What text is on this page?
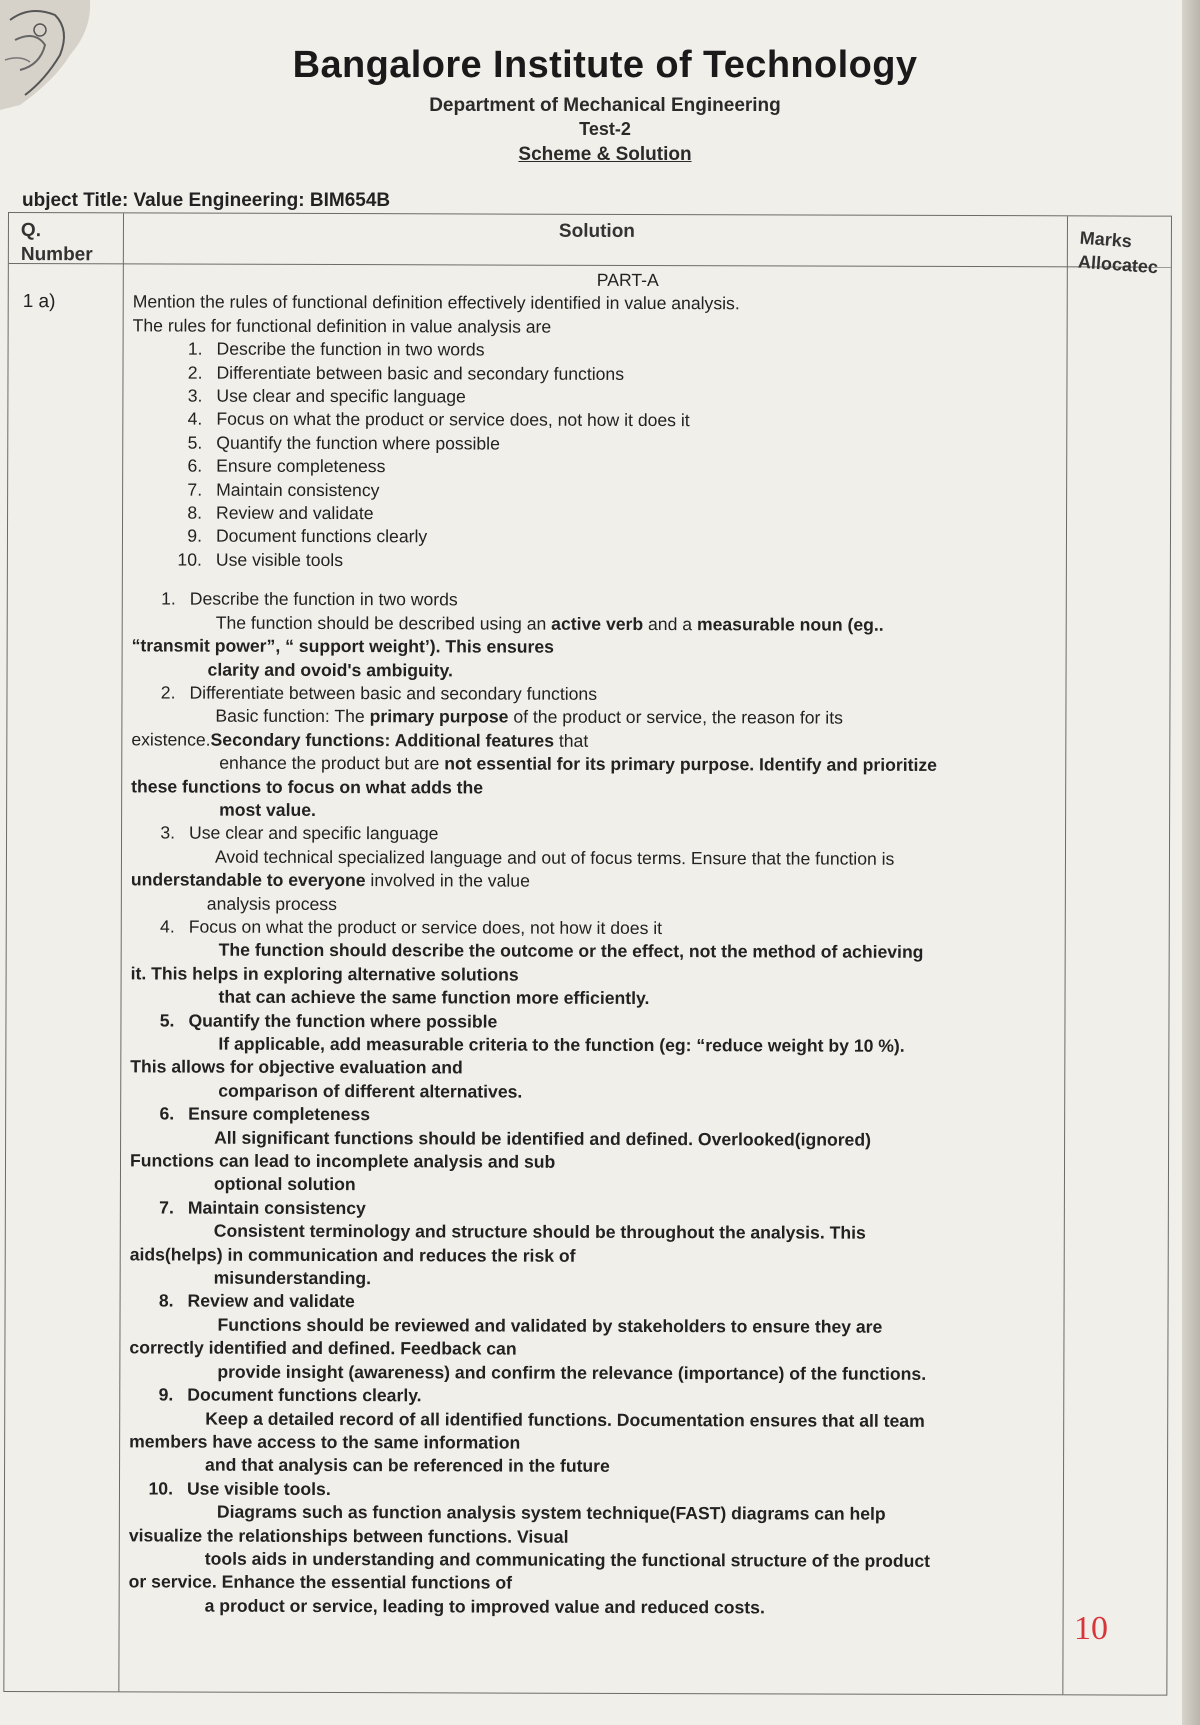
Bangalore Institute of Technology
Department of Mechanical Engineering
Test-2
Scheme & Solution
ubject Title: Value Engineering: BIM654B
Q.
Number
Solution	Marks
Allocatec
1 a)
PART-A
Mention the rules of functional definition effectively identified in value analysis.
The rules for functional definition in value analysis are
1. Describe the function in two words
2. Differentiate between basic and secondary functions
3. Use clear and specific language
4. Focus on what the product or service does, not how it does it
5. Quantify the function where possible
6. Ensure completeness
7. Maintain consistency
8. Review and validate
9. Document functions clearly
10. Use visible tools
1. Describe the function in two words
The function should be described using an active verb and a measurable noun (eg..
“transmit power”, “ support weight’). This ensures
clarity and ovoid's ambiguity.
2. Differentiate between basic and secondary functions
Basic function: The primary purpose of the product or service, the reason for its
existence.Secondary functions: Additional features that
enhance the product but are not essential for its primary purpose. Identify and prioritize
these functions to focus on what adds the
most value.
3. Use clear and specific language
Avoid technical specialized language and out of focus terms. Ensure that the function is
understandable to everyone involved in the value
analysis process
4. Focus on what the product or service does, not how it does it
The function should describe the outcome or the effect, not the method of achieving
it. This helps in exploring alternative solutions
that can achieve the same function more efficiently.
5. Quantify the function where possible
If applicable, add measurable criteria to the function (eg: “reduce weight by 10 %).
This allows for objective evaluation and
comparison of different alternatives.
6. Ensure completeness
All significant functions should be identified and defined. Overlooked(ignored)
Functions can lead to incomplete analysis and sub
optional solution
7. Maintain consistency
Consistent terminology and structure should be throughout the analysis. This
aids(helps) in communication and reduces the risk of
misunderstanding.
8. Review and validate
Functions should be reviewed and validated by stakeholders to ensure they are
correctly identified and defined. Feedback can
provide insight (awareness) and confirm the relevance (importance) of the functions.
9. Document functions clearly.
Keep a detailed record of all identified functions. Documentation ensures that all team
members have access to the same information
and that analysis can be referenced in the future
10. Use visible tools.
Diagrams such as function analysis system technique(FAST) diagrams can help
visualize the relationships between functions. Visual
tools aids in understanding and communicating the functional structure of the product
or service. Enhance the essential functions of
a product or service, leading to improved value and reduced costs.
10
